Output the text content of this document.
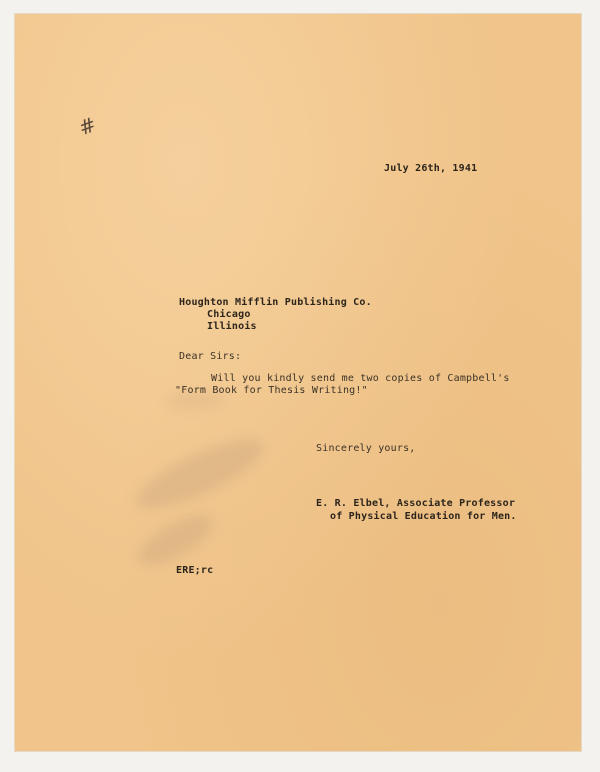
#
July 26th, 1941
Houghton Mifflin Publishing Co.
Chicago
Illinois
Dear Sirs:
Will you kindly send me two copies of Campbell's
"Form Book for Thesis Writing!"
Sincerely yours,
E. R. Elbel, Associate Professor
of Physical Education for Men.
ERE;rc
